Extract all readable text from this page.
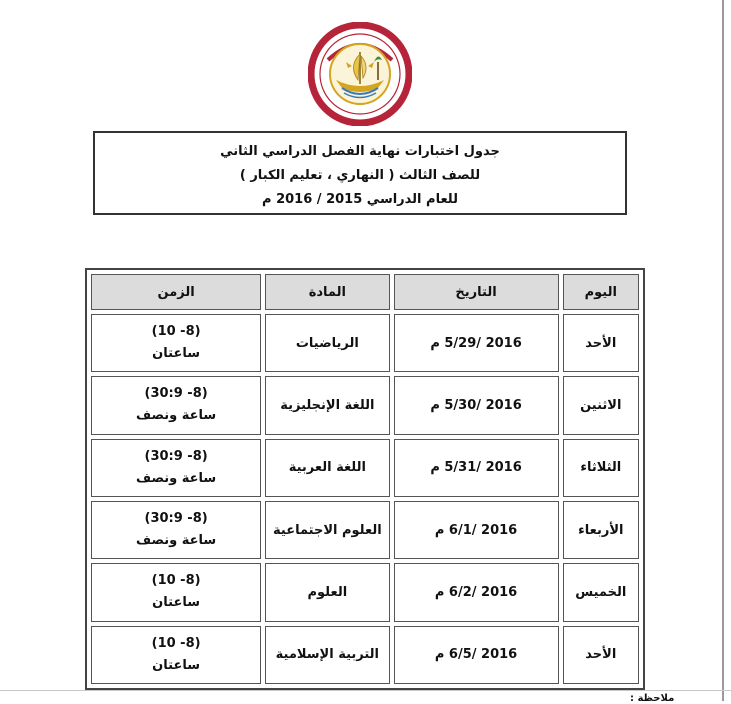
جدول اختبارات نهاية الفصل الدراسي الثاني
للصف الثالث ( النهاري ، تعليم الكبار )
للعام الدراسي 2015 / 2016 م
اليوم	التاريخ	المادة	الزمن
الأحد	2016 /5/29 م	الرياضيات	(8- 10)
ساعتان

الاثنين	2016 /5/30 م	اللغة الإنجليزية	(8- 30:9)
ساعة ونصف

الثلاثاء	2016 /5/31 م	اللغة العربية	(8- 30:9)
ساعة ونصف

الأربعاء	2016 /6/1 م	العلوم الاجتماعية	(8- 30:9)
ساعة ونصف

الخميس	2016 /6/2 م	العلوم	(8- 10)
ساعتان

الأحد	2016 /6/5 م	التربية الإسلامية	(8- 10)
ساعتان
ملاحظة :
